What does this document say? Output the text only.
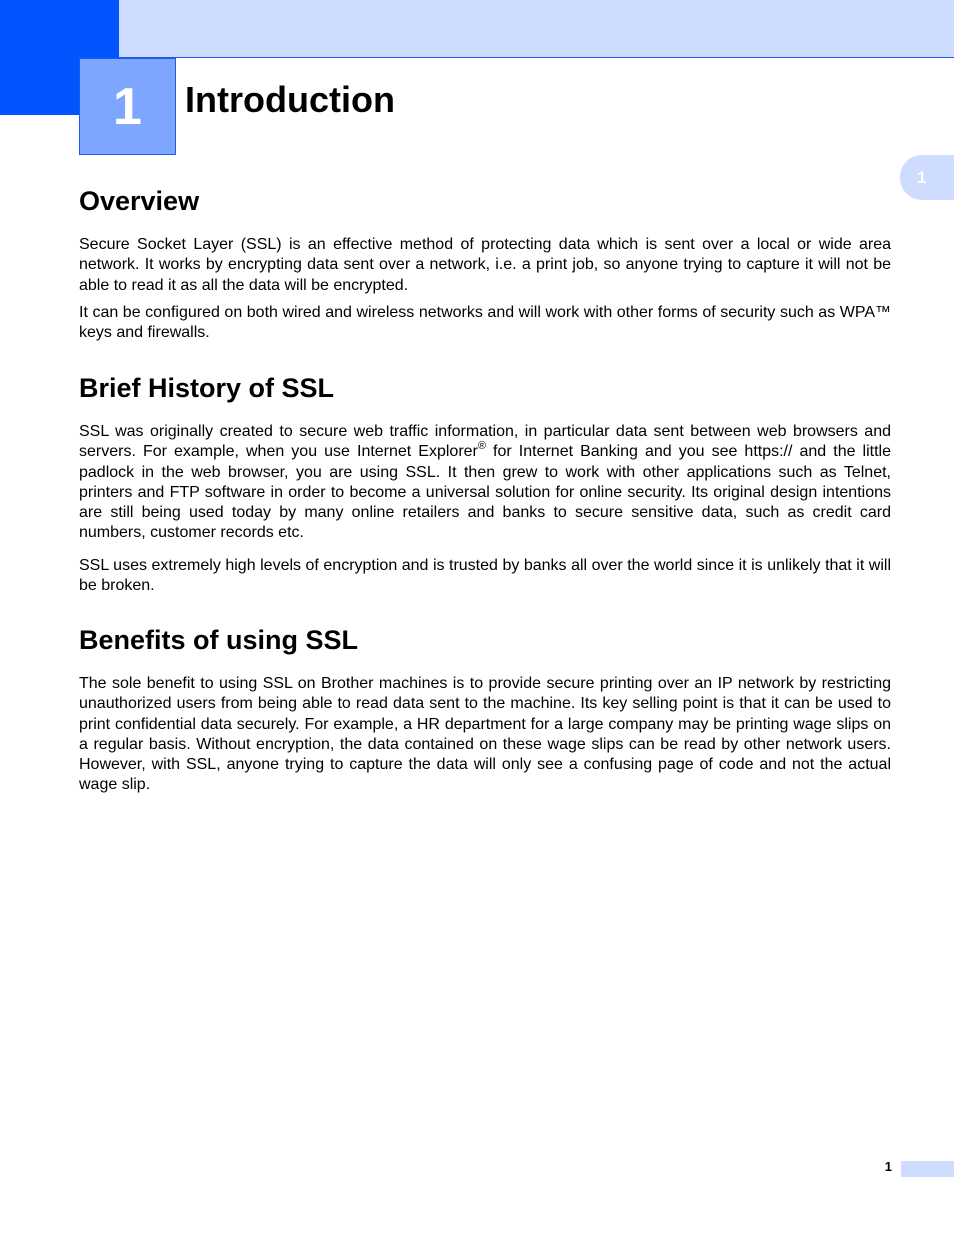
1 Introduction
1
Overview

Secure Socket Layer (SSL) is an effective method of protecting data which is sent over a local or wide area network. It works by encrypting data sent over a network, i.e. a print job, so anyone trying to capture it will not be able to read it as all the data will be encrypted.

It can be configured on both wired and wireless networks and will work with other forms of security such as WPA™ keys and firewalls.

Brief History of SSL

SSL was originally created to secure web traffic information, in particular data sent between web browsers and servers. For example, when you use Internet Explorer® for Internet Banking and you see https:// and the little padlock in the web browser, you are using SSL. It then grew to work with other applications such as Telnet, printers and FTP software in order to become a universal solution for online security. Its original design intentions are still being used today by many online retailers and banks to secure sensitive data, such as credit card numbers, customer records etc.

SSL uses extremely high levels of encryption and is trusted by banks all over the world since it is unlikely that it will be broken.

Benefits of using SSL

The sole benefit to using SSL on Brother machines is to provide secure printing over an IP network by restricting unauthorized users from being able to read data sent to the machine. Its key selling point is that it can be used to print confidential data securely. For example, a HR department for a large company may be printing wage slips on a regular basis. Without encryption, the data contained on these wage slips can be read by other network users. However, with SSL, anyone trying to capture the data will only see a confusing page of code and not the actual wage slip.

1
